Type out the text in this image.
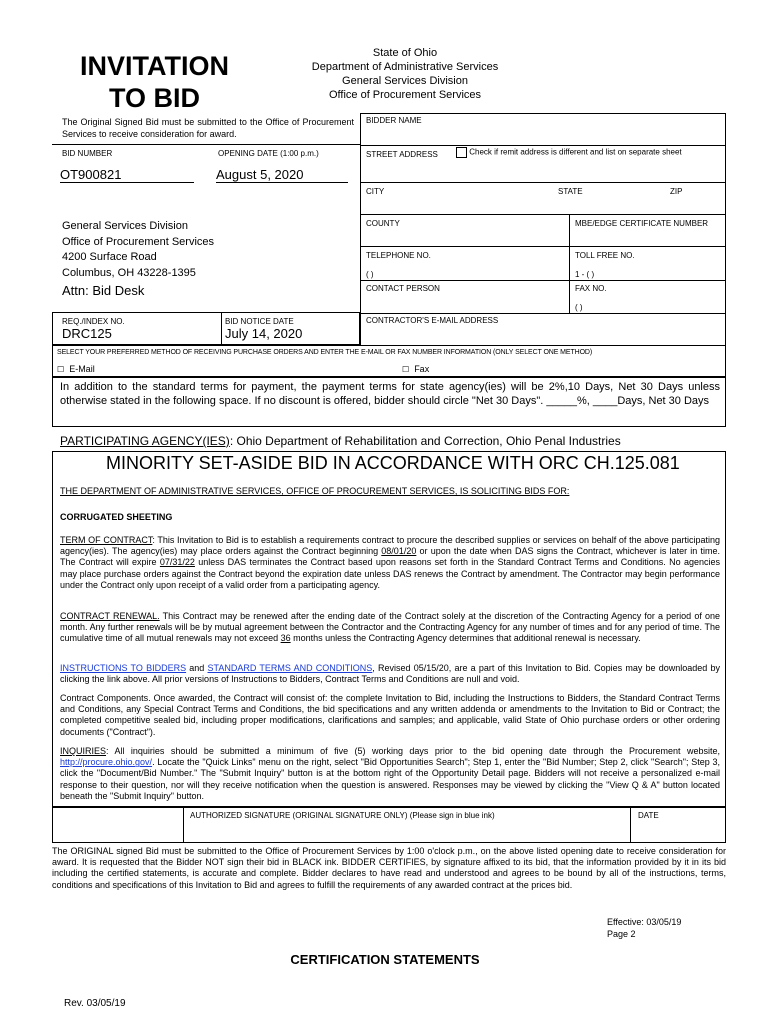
INVITATION
TO BID
State of Ohio
Department of Administrative Services
General Services Division
Office of Procurement Services
The Original Signed Bid must be submitted to the Office of Procurement Services to receive consideration for award.
BID NUMBER	OPENING DATE (1:00 p.m.)
OT900821	August 5, 2020
General Services Division
Office of Procurement Services
4200 Surface Road
Columbus, OH 43228-1395
Attn: Bid Desk
REQ./INDEX NO.
DRC125
BID NOTICE DATE
July 14, 2020
BIDDER NAME
STREET ADDRESS	Check if remit address is different and list on separate sheet
CITY	STATE	ZIP
COUNTY	MBE/EDGE CERTIFICATE NUMBER
TELEPHONE NO.
( )
TOLL FREE NO.
1 - ( )
CONTACT PERSON	FAX NO.
( )
CONTRACTOR'S E-MAIL ADDRESS
SELECT YOUR PREFERRED METHOD OF RECEIVING PURCHASE ORDERS AND ENTER THE E-MAIL OR FAX NUMBER INFORMATION (ONLY SELECT ONE METHOD)
☐ E-Mail	☐ Fax
In addition to the standard terms for payment, the payment terms for state agency(ies) will be 2%,10 Days, Net 30 Days unless otherwise stated in the following space. If no discount is offered, bidder should circle "Net 30 Days". _____%, ____Days, Net 30 Days
PARTICIPATING AGENCY(IES): Ohio Department of Rehabilitation and Correction, Ohio Penal Industries
MINORITY SET-ASIDE BID IN ACCORDANCE WITH ORC CH.125.081
THE DEPARTMENT OF ADMINISTRATIVE SERVICES, OFFICE OF PROCUREMENT SERVICES, IS SOLICITING BIDS FOR:
CORRUGATED SHEETING
TERM OF CONTRACT: This Invitation to Bid is to establish a requirements contract to procure the described supplies or services on behalf of the above participating agency(ies). The agency(ies) may place orders against the Contract beginning 08/01/20 or upon the date when DAS signs the Contract, whichever is later in time. The Contract will expire 07/31/22 unless DAS terminates the Contract based upon reasons set forth in the Standard Contract Terms and Conditions. No agencies may place purchase orders against the Contract beyond the expiration date unless DAS renews the Contract by amendment. The Contractor may begin performance under the Contract only upon receipt of a valid order from a participating agency.
CONTRACT RENEWAL. This Contract may be renewed after the ending date of the Contract solely at the discretion of the Contracting Agency for a period of one month. Any further renewals will be by mutual agreement between the Contractor and the Contracting Agency for any number of times and for any period of time. The cumulative time of all mutual renewals may not exceed 36 months unless the Contracting Agency determines that additional renewal is necessary.
INSTRUCTIONS TO BIDDERS and STANDARD TERMS AND CONDITIONS, Revised 05/15/20, are a part of this Invitation to Bid. Copies may be downloaded by clicking the link above. All prior versions of Instructions to Bidders, Contract Terms and Conditions are null and void.
Contract Components. Once awarded, the Contract will consist of: the complete Invitation to Bid, including the Instructions to Bidders, the Standard Contract Terms and Conditions, any Special Contract Terms and Conditions, the bid specifications and any written addenda or amendments to the Invitation to Bid or Contract; the completed competitive sealed bid, including proper modifications, clarifications and samples; and applicable, valid State of Ohio purchase orders or other ordering documents ("Contract").
INQUIRIES: All inquiries should be submitted a minimum of five (5) working days prior to the bid opening date through the Procurement website, http://procure.ohio.gov/. Locate the "Quick Links" menu on the right, select "Bid Opportunities Search"; Step 1, enter the "Bid Number; Step 2, click "Search"; Step 3, click the "Document/Bid Number." The "Submit Inquiry" button is at the bottom right of the Opportunity Detail page. Bidders will not receive a personalized e-mail response to their question, nor will they receive notification when the question is answered. Responses may be viewed by clicking the "View Q & A" button located beneath the "Submit Inquiry" button.
AUTHORIZED SIGNATURE (ORIGINAL SIGNATURE ONLY) (Please sign in blue ink)	DATE
The ORIGINAL signed Bid must be submitted to the Office of Procurement Services by 1:00 o'clock p.m., on the above listed opening date to receive consideration for award. It is requested that the Bidder NOT sign their bid in BLACK ink. BIDDER CERTIFIES, by signature affixed to its bid, that the information provided by it in its bid including the certified statements, is accurate and complete. Bidder declares to have read and understood and agrees to be bound by all of the instructions, terms, conditions and specifications of this Invitation to Bid and agrees to fulfill the requirements of any awarded contract at the prices bid.
Effective: 03/05/19
Page 2
CERTIFICATION STATEMENTS
Rev. 03/05/19
